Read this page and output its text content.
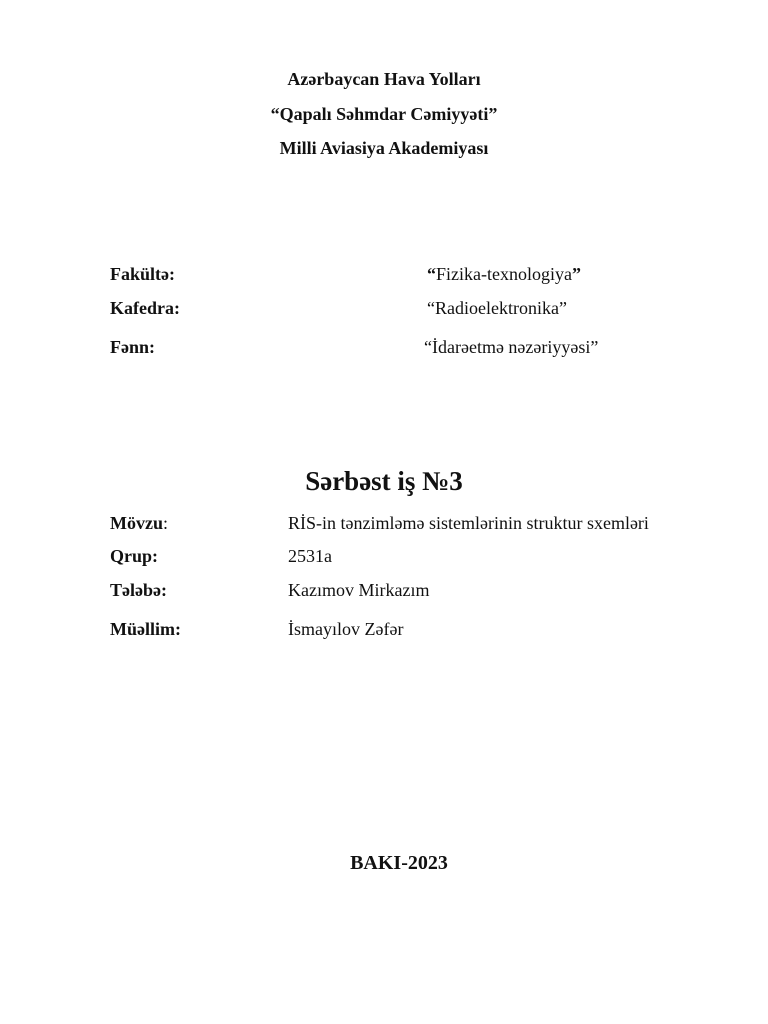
Azərbaycan Hava Yolları
“Qapalı Səhmdar Cəmiyyəti”
Milli Aviasiya Akademiyası
Fakültə:	“Fizika-texnologiya”
Kafedra:	“Radioelektronika”
Fənn:	“İdarəetmə nəzəriyyəsi”
Sərbəst iş №3
Mövzu:	RİS-in tənzimləmə sistemlərinin struktur sxemləri
Qrup:	2531a
Tələbə:	Kazımov Mirkazım
Müəllim:	İsmayılov Zəfər
BAKI-2023
